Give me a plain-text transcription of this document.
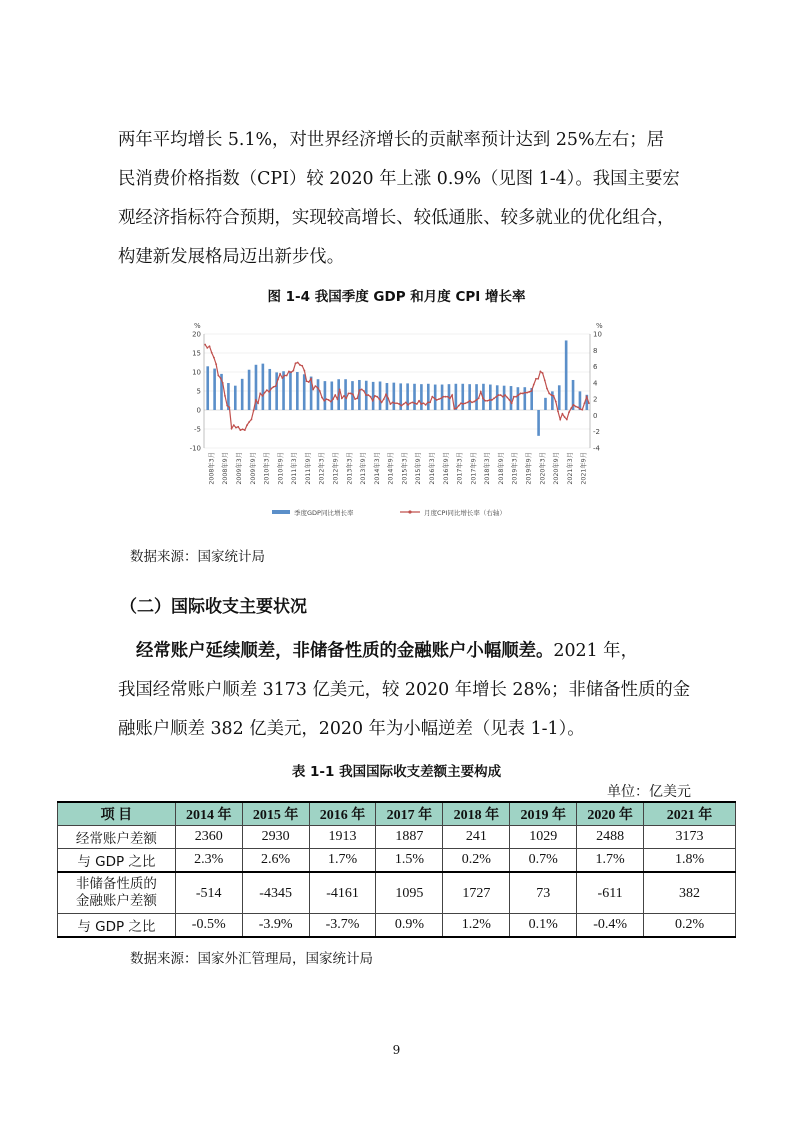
两年平均增长 5.1%，对世界经济增长的贡献率预计达到 25%左右；居

民消费价格指数（CPI）较 2020 年上涨 0.9%（见图 1-4）。我国主要宏

观经济指标符合预期，实现较高增长、较低通胀、较多就业的优化组合，

构建新发展格局迈出新步伐。

图 1-4 我国季度 GDP 和月度 CPI 增长率
20
15
10
5
0
-5
-10
10
8
6
4
2
0
-2
-4
%	%
2008年3月	2008年9月	2009年3月	2009年9月	2010年3月	2010年9月	2011年3月	2011年9月	2012年3月	2012年9月	2013年3月	2013年9月	2014年3月	2014年9月	2015年3月	2015年9月	2016年3月	2016年9月	2017年3月	2017年9月	2018年3月	2018年9月	2019年3月	2019年9月	2020年3月	2020年9月	2021年3月	2021年9月
季度GDP同比增长率	月度CPI同比增长率（右轴）
数据来源：国家统计局
（二）国际收支主要状况

经常账户延续顺差，非储备性质的金融账户小幅顺差。2021 年，

我国经常账户顺差 3173 亿美元，较 2020 年增长 28%；非储备性质的金

融账户顺差 382 亿美元，2020 年为小幅逆差（见表 1-1）。

表 1-1 我国国际收支差额主要构成
单位：亿美元
项 目	2014 年	2015 年	2016 年	2017 年	2018 年	2019 年	2020 年	2021 年
经常账户差额	2360	2930	1913	1887	241	1029	2488	3173
与 GDP 之比	2.3%	2.6%	1.7%	1.5%	0.2%	0.7%	1.7%	1.8%
非储备性质的
金融账户差额	-514	-4345	-4161	1095	1727	73	-611	382
与 GDP 之比	-0.5%	-3.9%	-3.7%	0.9%	1.2%	0.1%	-0.4%	0.2%
数据来源：国家外汇管理局，国家统计局
9
